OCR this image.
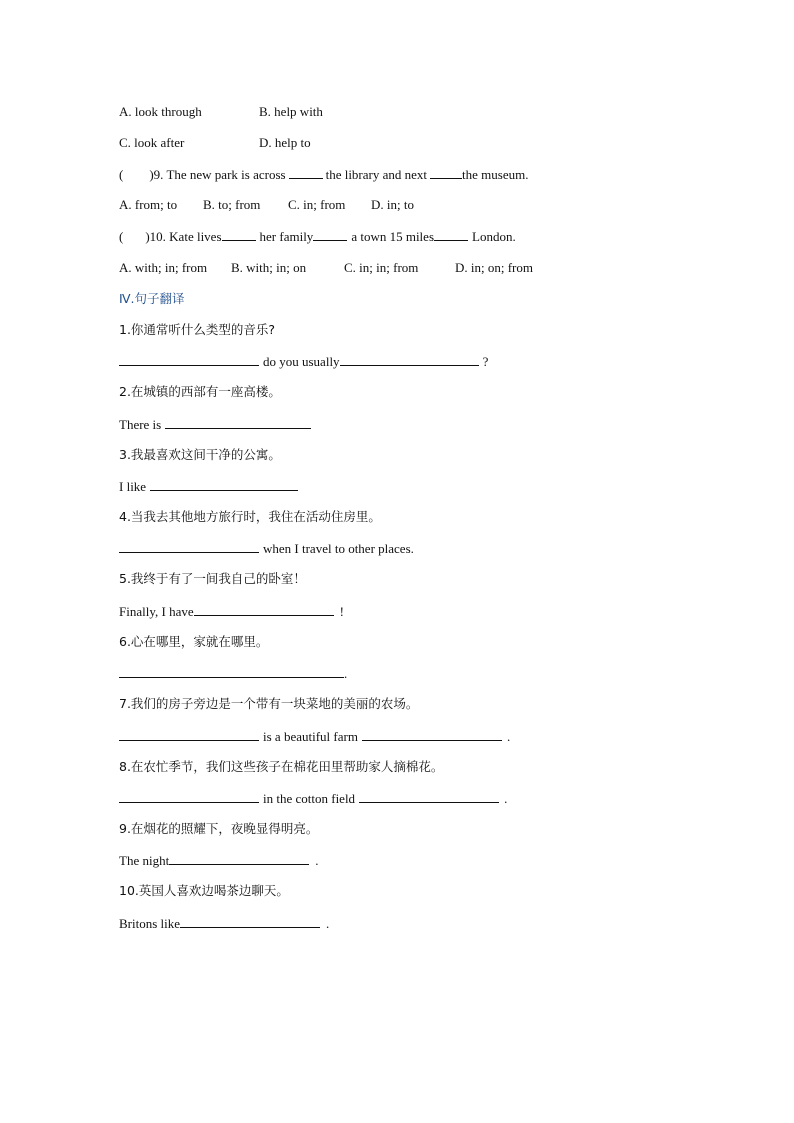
A. look through	B. help with
C. look after	D. help to
( )9. The new park is across	the library and next	the museum.
A. from; to B. to; from C. in; from D. in; to
( )10. Kate lives	her family	a town 15 miles	London.
A. with; in; from B. with; in; on	C. in; in; from	D. in; on; from
Ⅳ.句子翻译
1.你通常听什么类型的音乐?
do you usually	?
2.在城镇的西部有一座高楼。
There is
3.我最喜欢这间干净的公寓。
I like
4.当我去其他地方旅行时，我住在活动住房里。
when I travel to other places.
5.我终于有了一间我自己的卧室！
Finally, I have	!
6.心在哪里，家就在哪里。
.
7.我们的房子旁边是一个带有一块菜地的美丽的农场。
is a beautiful farm	.
8.在农忙季节，我们这些孩子在棉花田里帮助家人摘棉花。
in the cotton field	.
9.在烟花的照耀下，夜晚显得明亮。
The night	.
10.英国人喜欢边喝茶边聊天。
Britons like	.
